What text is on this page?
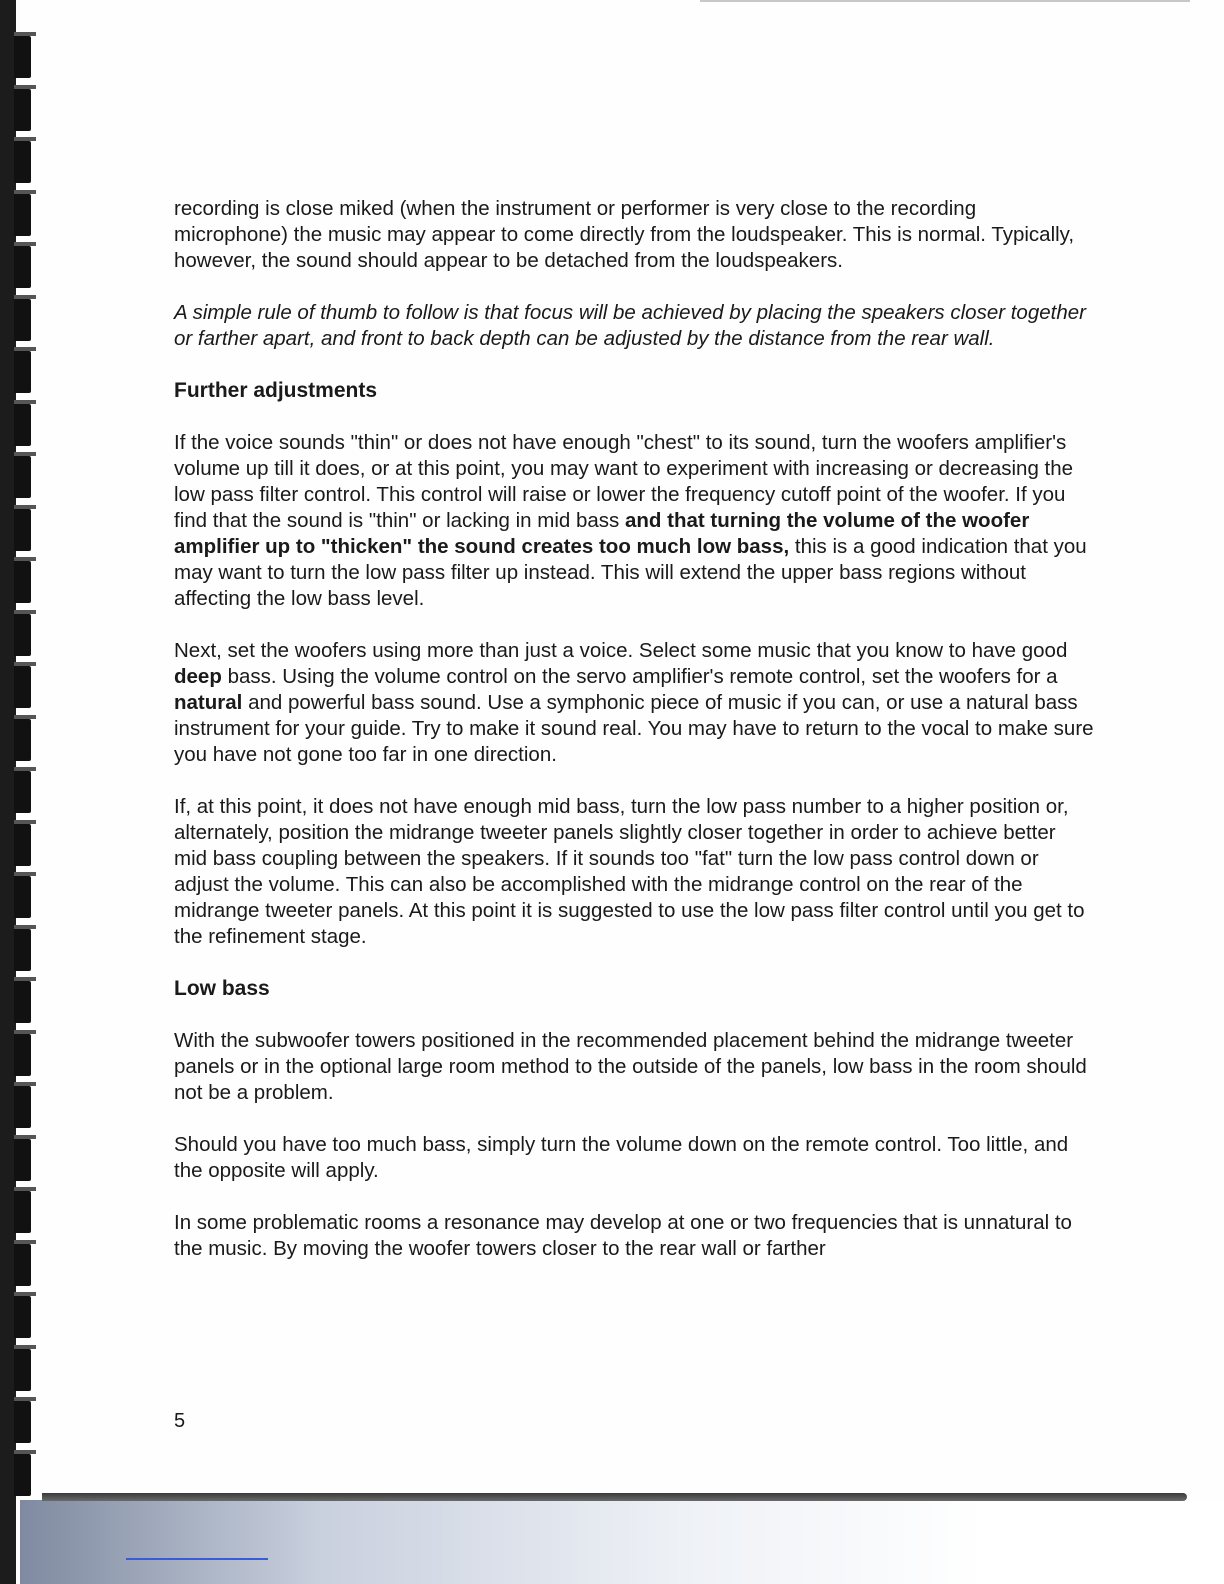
recording is close miked (when the instrument or performer is very close to the recording microphone) the music may appear to come directly from the loudspeaker. This is normal. Typically, however, the sound should appear to be detached from the loudspeakers.

A simple rule of thumb to follow is that focus will be achieved by placing the speakers closer together or farther apart, and front to back depth can be adjusted by the distance from the rear wall.

Further adjustments

If the voice sounds "thin" or does not have enough "chest" to its sound, turn the woofers amplifier's volume up till it does, or at this point, you may want to experiment with increasing or decreasing the low pass filter control. This control will raise or lower the frequency cutoff point of the woofer. If you find that the sound is "thin" or lacking in mid bass and that turning the volume of the woofer amplifier up to "thicken" the sound creates too much low bass, this is a good indication that you may want to turn the low pass filter up instead. This will extend the upper bass regions without affecting the low bass level.

Next, set the woofers using more than just a voice. Select some music that you know to have good deep bass. Using the volume control on the servo amplifier's remote control, set the woofers for a natural and powerful bass sound. Use a symphonic piece of music if you can, or use a natural bass instrument for your guide. Try to make it sound real. You may have to return to the vocal to make sure you have not gone too far in one direction.

If, at this point, it does not have enough mid bass, turn the low pass number to a higher position or, alternately, position the midrange tweeter panels slightly closer together in order to achieve better mid bass coupling between the speakers. If it sounds too "fat" turn the low pass control down or adjust the volume. This can also be accomplished with the midrange control on the rear of the midrange tweeter panels. At this point it is suggested to use the low pass filter control until you get to the refinement stage.

Low bass

With the subwoofer towers positioned in the recommended placement behind the midrange tweeter panels or in the optional large room method to the outside of the panels, low bass in the room should not be a problem.

Should you have too much bass, simply turn the volume down on the remote control. Too little, and the opposite will apply.

In some problematic rooms a resonance may develop at one or two frequencies that is unnatural to the music. By moving the woofer towers closer to the rear wall or farther

5
